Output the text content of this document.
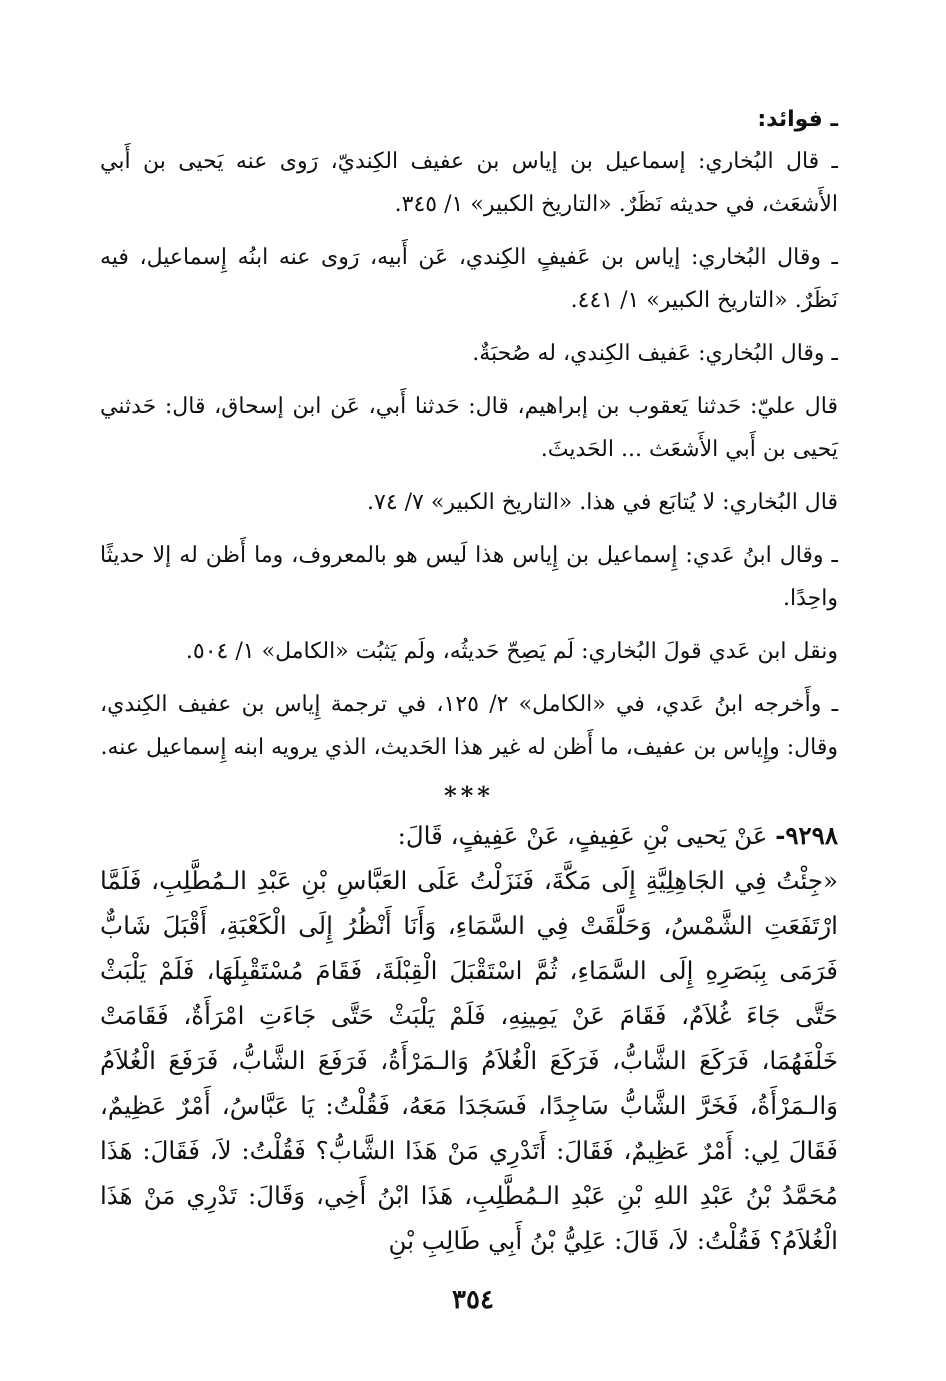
ـ فوائد:

ـ قال البُخاري: إسماعيل بن إياس بن عفيف الكِنديّ، رَوى عنه يَحيى بن أَبي الأَشعَث، في حديثه نَظَرٌ. «التاريخ الكبير» ١/ ٣٤٥.

ـ وقال البُخاري: إياس بن عَفيفٍ الكِندي، عَن أَبيه، رَوى عنه ابنُه إِسماعيل، فيه نَظَرٌ. «التاريخ الكبير» ١/ ٤٤١.

ـ وقال البُخاري: عَفيف الكِندي، له صُحبَةٌ.

قال عليّ: حَدثنا يَعقوب بن إبراهيم، قال: حَدثنا أَبي، عَن ابن إسحاق، قال: حَدثني يَحيى بن أَبي الأَشعَث ... الحَديثَ.

قال البُخاري: لا يُتابَع في هذا. «التاريخ الكبير» ٧/ ٧٤.

ـ وقال ابنُ عَدي: إِسماعيل بن إِياس هذا لَيس هو بالمعروف، وما أَظن له إلا حديثًا واحِدًا.

ونقل ابن عَدي قولَ البُخاري: لَم يَصِحّ حَديثُه، ولَم يَثبُت «الكامل» ١/ ٥٠٤.

ـ وأَخرجه ابنُ عَدي، في «الكامل» ٢/ ١٢٥، في ترجمة إِياس بن عفيف الكِندي، وقال: وإِياس بن عفيف، ما أَظن له غير هذا الحَديث، الذي يرويه ابنه إِسماعيل عنه.

***

٩٢٩٨- عَنْ يَحيى بْنِ عَفِيفٍ، عَنْ عَفِيفٍ، قَالَ:

«جِئْتُ فِي الجَاهِلِيَّةِ إِلَى مَكَّةَ، فَنَزَلْتُ عَلَى العَبَّاسِ بْنِ عَبْدِ الـمُطَّلِبِ، فَلَمَّا ارْتَفَعَتِ الشَّمْسُ، وَحَلَّقَتْ فِي السَّمَاءِ، وَأَنَا أَنْظُرُ إِلَى الْكَعْبَةِ، أَقْبَلَ شَابٌّ فَرَمَى بِبَصَرِهِ إِلَى السَّمَاءِ، ثُمَّ اسْتَقْبَلَ الْقِبْلَةَ، فَقَامَ مُسْتَقْبِلَهَا، فَلَمْ يَلْبَثْ حَتَّى جَاءَ غُلاَمٌ، فَقَامَ عَنْ يَمِينِهِ، فَلَمْ يَلْبَثْ حَتَّى جَاءَتِ امْرَأَةٌ، فَقَامَتْ خَلْفَهُمَا، فَرَكَعَ الشَّابُّ، فَرَكَعَ الْغُلاَمُ وَالـمَرْأَةُ، فَرَفَعَ الشَّابُّ، فَرَفَعَ الْغُلاَمُ وَالـمَرْأَةُ، فَخَرَّ الشَّابُّ سَاجِدًا، فَسَجَدَا مَعَهُ، فَقُلْتُ: يَا عَبَّاسُ، أَمْرٌ عَظِيمٌ، فَقَالَ لِي: أَمْرٌ عَظِيمٌ، فَقَالَ: أَتَدْرِي مَنْ هَذَا الشَّابُّ؟ فَقُلْتُ: لاَ، فَقَالَ: هَذَا مُحَمَّدُ بْنُ عَبْدِ اللهِ بْنِ عَبْدِ الـمُطَّلِبِ، هَذَا ابْنُ أَخِي، وَقَالَ: تَدْرِي مَنْ هَذَا الْغُلاَمُ؟ فَقُلْتُ: لاَ، قَالَ: عَلِيُّ بْنُ أَبِي طَالِبِ بْنِ

٣٥٤
